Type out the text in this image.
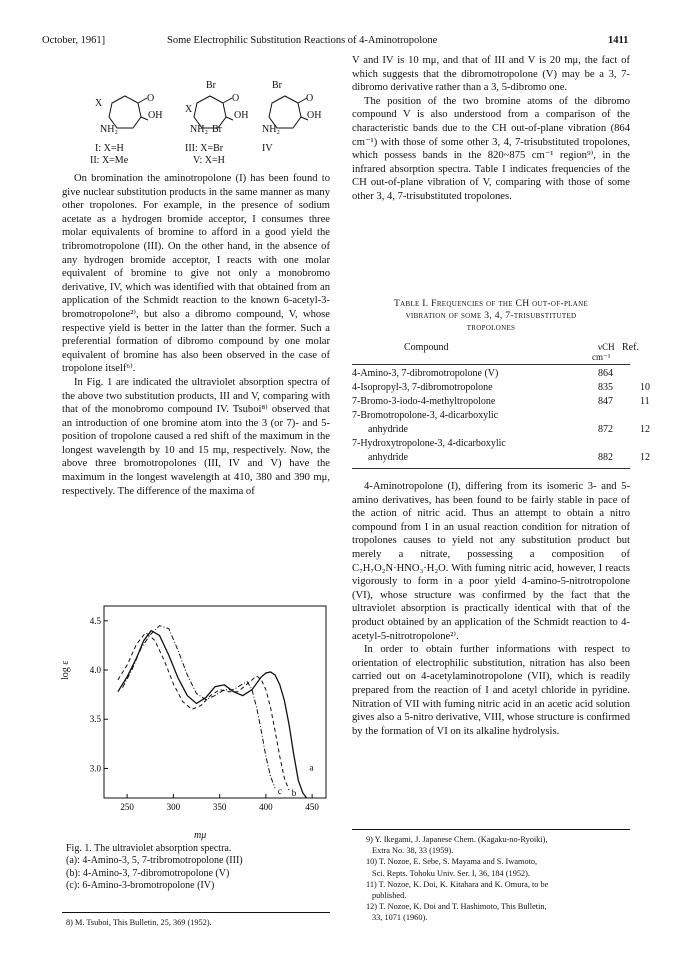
October, 1961]	Some Electrophilic Substitution Reactions of 4-Aminotropolone	1411
X	O
OH
NH₂
Br
X
O
OH
NH₂ Br
Br
O
OH
NH₂
I: X=H
II: X=Me
III: X=Br
V: X=H
IV

On bromination the aminotropolone (I) has been found to give nuclear substitution products in the same manner as many other tropolones. For example, in the presence of sodium acetate as a hydrogen bromide acceptor, I consumes three molar equivalents of bromine to afford in a good yield the tribromotropolone (III). On the other hand, in the absence of any hydrogen bromide acceptor, I reacts with one molar equivalent of bromine to give not only a monobromo derivative, IV, which was identified with that obtained from an application of the Schmidt reaction to the known 6-acetyl-3-bromotropolone²⁾, but also a dibromo compound, V, whose respective yield is better in the latter than the former. Such a preferential formation of dibromo compound by one molar equivalent of bromine has also been observed in the case of tropolone itself⁶⁾.

In Fig. 1 are indicated the ultraviolet absorption spectra of the above two substitution products, III and V, comparing with that of the monobromo compound IV. Tsuboi⁸⁾ observed that an introduction of one bromine atom into the 3 (or 7)- and 5-position of tropolone caused a red shift of the maximum in the longest wavelength by 10 and 15 mμ, respectively. Now, the above three bromotropolones (III, IV and V) have the maximum in the longest wavelength at 410, 380 and 390 mμ, respectively. The difference of the maxima of

250	300	350	400	450
3.0
3.5
4.0
4.5
a
b
c
log ε
mμ
Fig. 1. The ultraviolet absorption spectra.
(a): 4-Amino-3, 5, 7-tribromotropolone (III)
(b): 4-Amino-3, 7-dibromotropolone (V)
(c): 6-Amino-3-bromotropolone (IV)
8) M. Tsuboi, This Bulletin, 25, 369 (1952).

V and IV is 10 mμ, and that of III and V is 20 mμ, the fact of which suggests that the dibromotropolone (V) may be a 3, 7-dibromo derivative rather than a 3, 5-dibromo one.

The position of the two bromine atoms of the dibromo compound V is also understood from a comparison of the characteristic bands due to the CH out-of-plane vibration (864 cm⁻¹) with those of some other 3, 4, 7-trisubstituted tropolones, which possess bands in the 820~875 cm⁻¹ region⁹⁾, in the infrared absorption spectra. Table I indicates frequencies of the CH out-of-plane vibration of V, comparing with those of some other 3, 4, 7-trisubstituted tropolones.

Table I. Frequencies of the CH out-of-plane
vibration of some 3, 4, 7-trisubstituted
tropolones
Compound	νCH Ref.
cm⁻¹
4-Amino-3, 7-dibromotropolone (V)	864
4-Isopropyl-3, 7-dibromotropolone	835	10
7-Bromo-3-iodo-4-methyltropolone	847	11
7-Bromotropolone-3, 4-dicarboxylic
anhydride	872	12
7-Hydroxytropolone-3, 4-dicarboxylic
anhydride	882	12

4-Aminotropolone (I), differing from its isomeric 3- and 5-amino derivatives, has been found to be fairly stable in pace of the action of nitric acid. Thus an attempt to obtain a nitro compound from I in an usual reaction condition for nitration of tropolones causes to yield not any substitution product but merely a nitrate, possessing a composition of C₇H₇O₂N·HNO₃·H₂O. With fuming nitric acid, however, I reacts vigorously to form in a poor yield 4-amino-5-nitrotropolone (VI), whose structure was confirmed by the fact that the ultraviolet absorption is practically identical with that of the product obtained by an application of the Schmidt reaction to 4-acetyl-5-nitrotropolone²⁾.

In order to obtain further informations with respect to orientation of electrophilic substitution, nitration has also been carried out on 4-acetylaminotropolone (VII), which is readily prepared from the reaction of I and acetyl chloride in pyridine. Nitration of VII with fuming nitric acid in an acetic acid solution gives also a 5-nitro derivative, VIII, whose structure is confirmed by the formation of VI on its alkaline hydrolysis.

9) Y. Ikegami, J. Japanese Chem. (Kagaku-no-Ryoiki),
Extra No. 38, 33 (1959).
10) T. Nozoe, E. Sebe, S. Mayama and S. Iwamoto,
Sci. Repts. Tohoku Univ. Ser. I, 36, 184 (1952).
11) T. Nozoe, K. Doi, K. Kitahara and K. Omura, to be
published.
12) T. Nozoe, K. Doi and T. Hashimoto, This Bulletin,
33, 1071 (1960).
